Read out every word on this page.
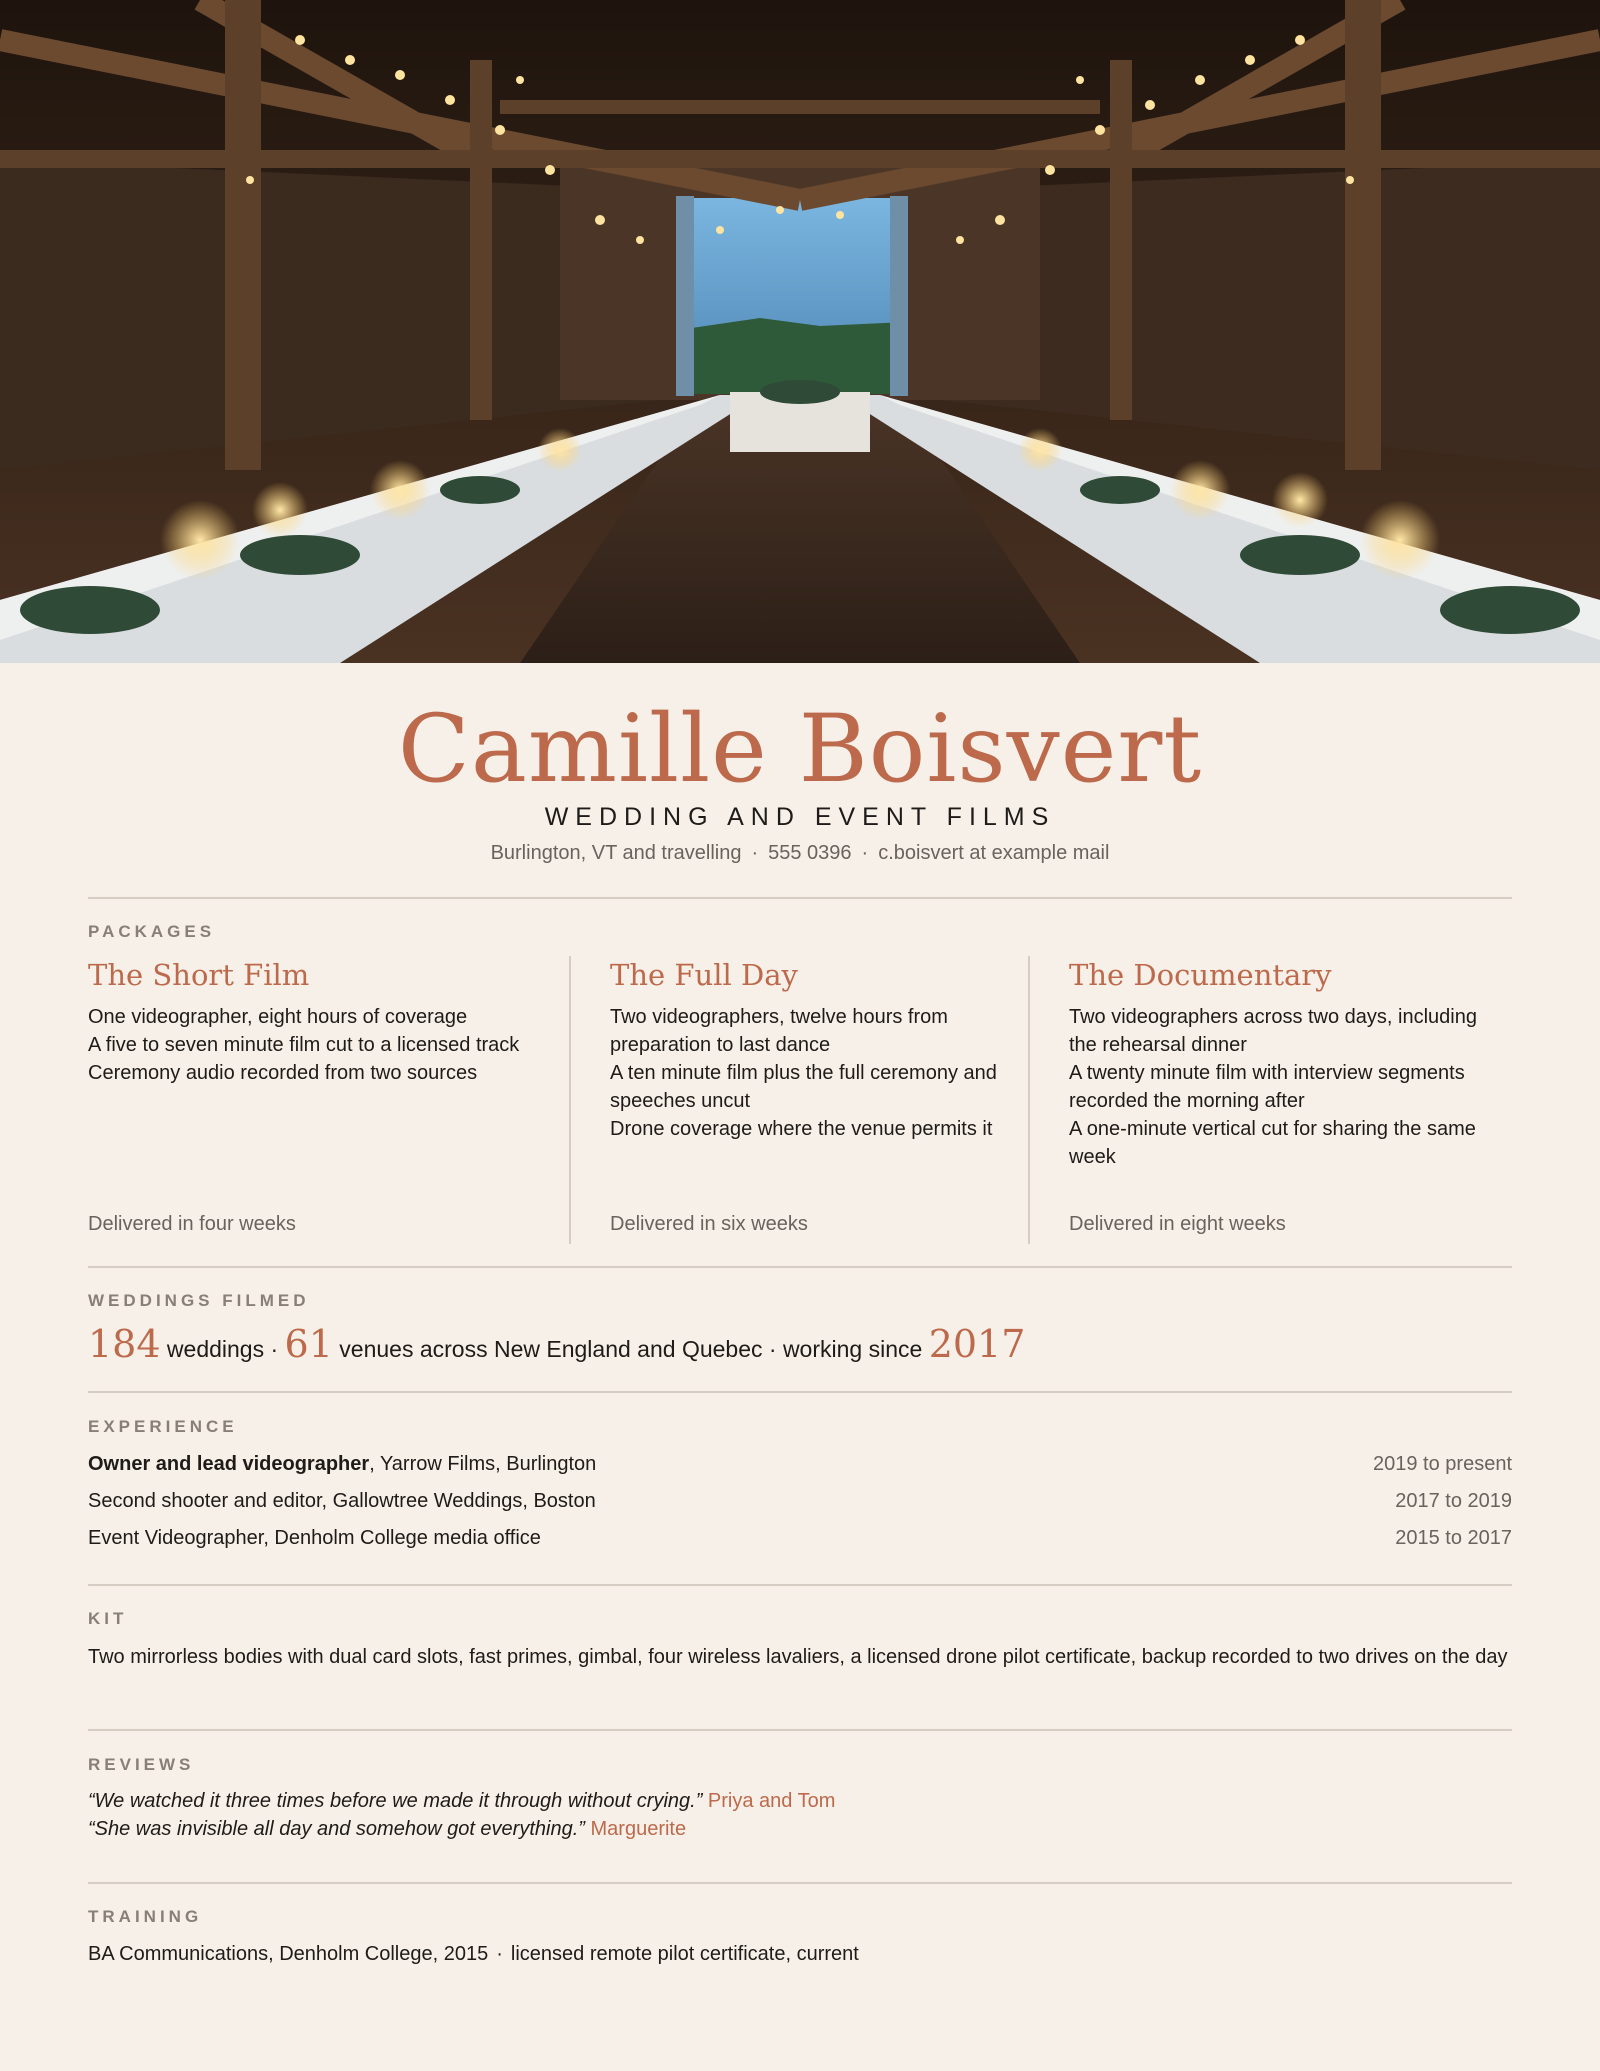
Camille Boisvert
WEDDING AND EVENT FILMS
Burlington, VT and travelling · 555 0396 · c.boisvert at example mail
PACKAGES
The Short Film
One videographer, eight hours of coverage
A five to seven minute film cut to a licensed track
Ceremony audio recorded from two sources
Delivered in four weeks
The Full Day
Two videographers, twelve hours from preparation to last dance
A ten minute film plus the full ceremony and speeches uncut
Drone coverage where the venue permits it
Delivered in six weeks
The Documentary
Two videographers across two days, including the rehearsal dinner
A twenty minute film with interview segments recorded the morning after
A one-minute vertical cut for sharing the same week
Delivered in eight weeks
WEDDINGS FILMED
184 weddings · 61 venues across New England and Quebec · working since 2017
EXPERIENCE
Owner and lead videographer, Yarrow Films, Burlington	2019 to present
Second shooter and editor, Gallowtree Weddings, Boston	2017 to 2019
Event Videographer, Denholm College media office	2015 to 2017
KIT
Two mirrorless bodies with dual card slots, fast primes, gimbal, four wireless lavaliers, a licensed drone pilot certificate, backup recorded to two drives on the day
REVIEWS
“We watched it three times before we made it through without crying.” Priya and Tom
“She was invisible all day and somehow got everything.” Marguerite
TRAINING
BA Communications, Denholm College, 2015 · licensed remote pilot certificate, current
